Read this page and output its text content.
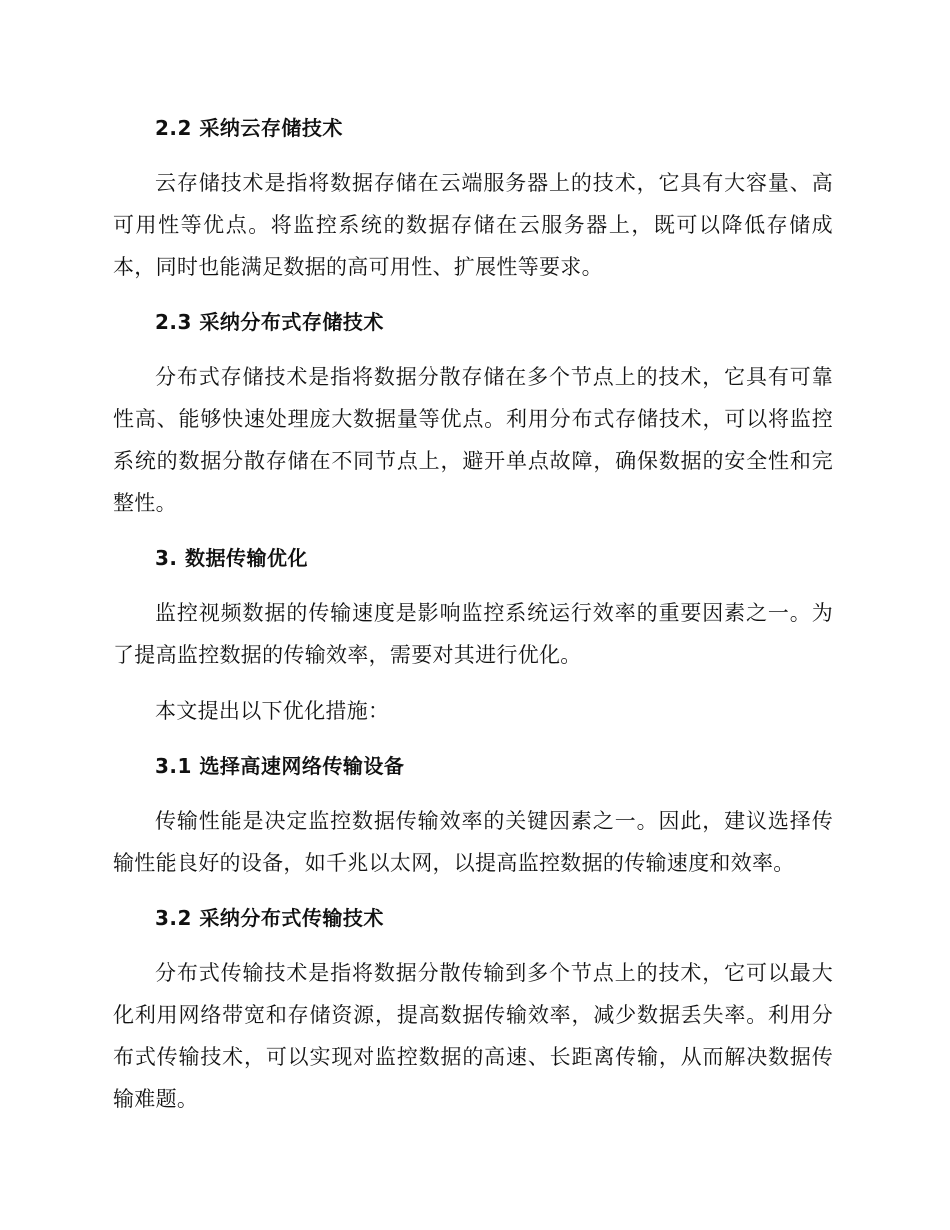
2.2 采纳云存储技术
云存储技术是指将数据存储在云端服务器上的技术，它具有大容量、高可用性等优点。将监控系统的数据存储在云服务器上，既可以降低存储成本，同时也能满足数据的高可用性、扩展性等要求。
2.3 采纳分布式存储技术
分布式存储技术是指将数据分散存储在多个节点上的技术，它具有可靠性高、能够快速处理庞大数据量等优点。利用分布式存储技术，可以将监控系统的数据分散存储在不同节点上，避开单点故障，确保数据的安全性和完整性。
3. 数据传输优化
监控视频数据的传输速度是影响监控系统运行效率的重要因素之一。为了提高监控数据的传输效率，需要对其进行优化。
本文提出以下优化措施：
3.1 选择高速网络传输设备
传输性能是决定监控数据传输效率的关键因素之一。因此，建议选择传输性能良好的设备，如千兆以太网，以提高监控数据的传输速度和效率。
3.2 采纳分布式传输技术
分布式传输技术是指将数据分散传输到多个节点上的技术，它可以最大化利用网络带宽和存储资源，提高数据传输效率，减少数据丢失率。利用分布式传输技术，可以实现对监控数据的高速、长距离传输，从而解决数据传输难题。
